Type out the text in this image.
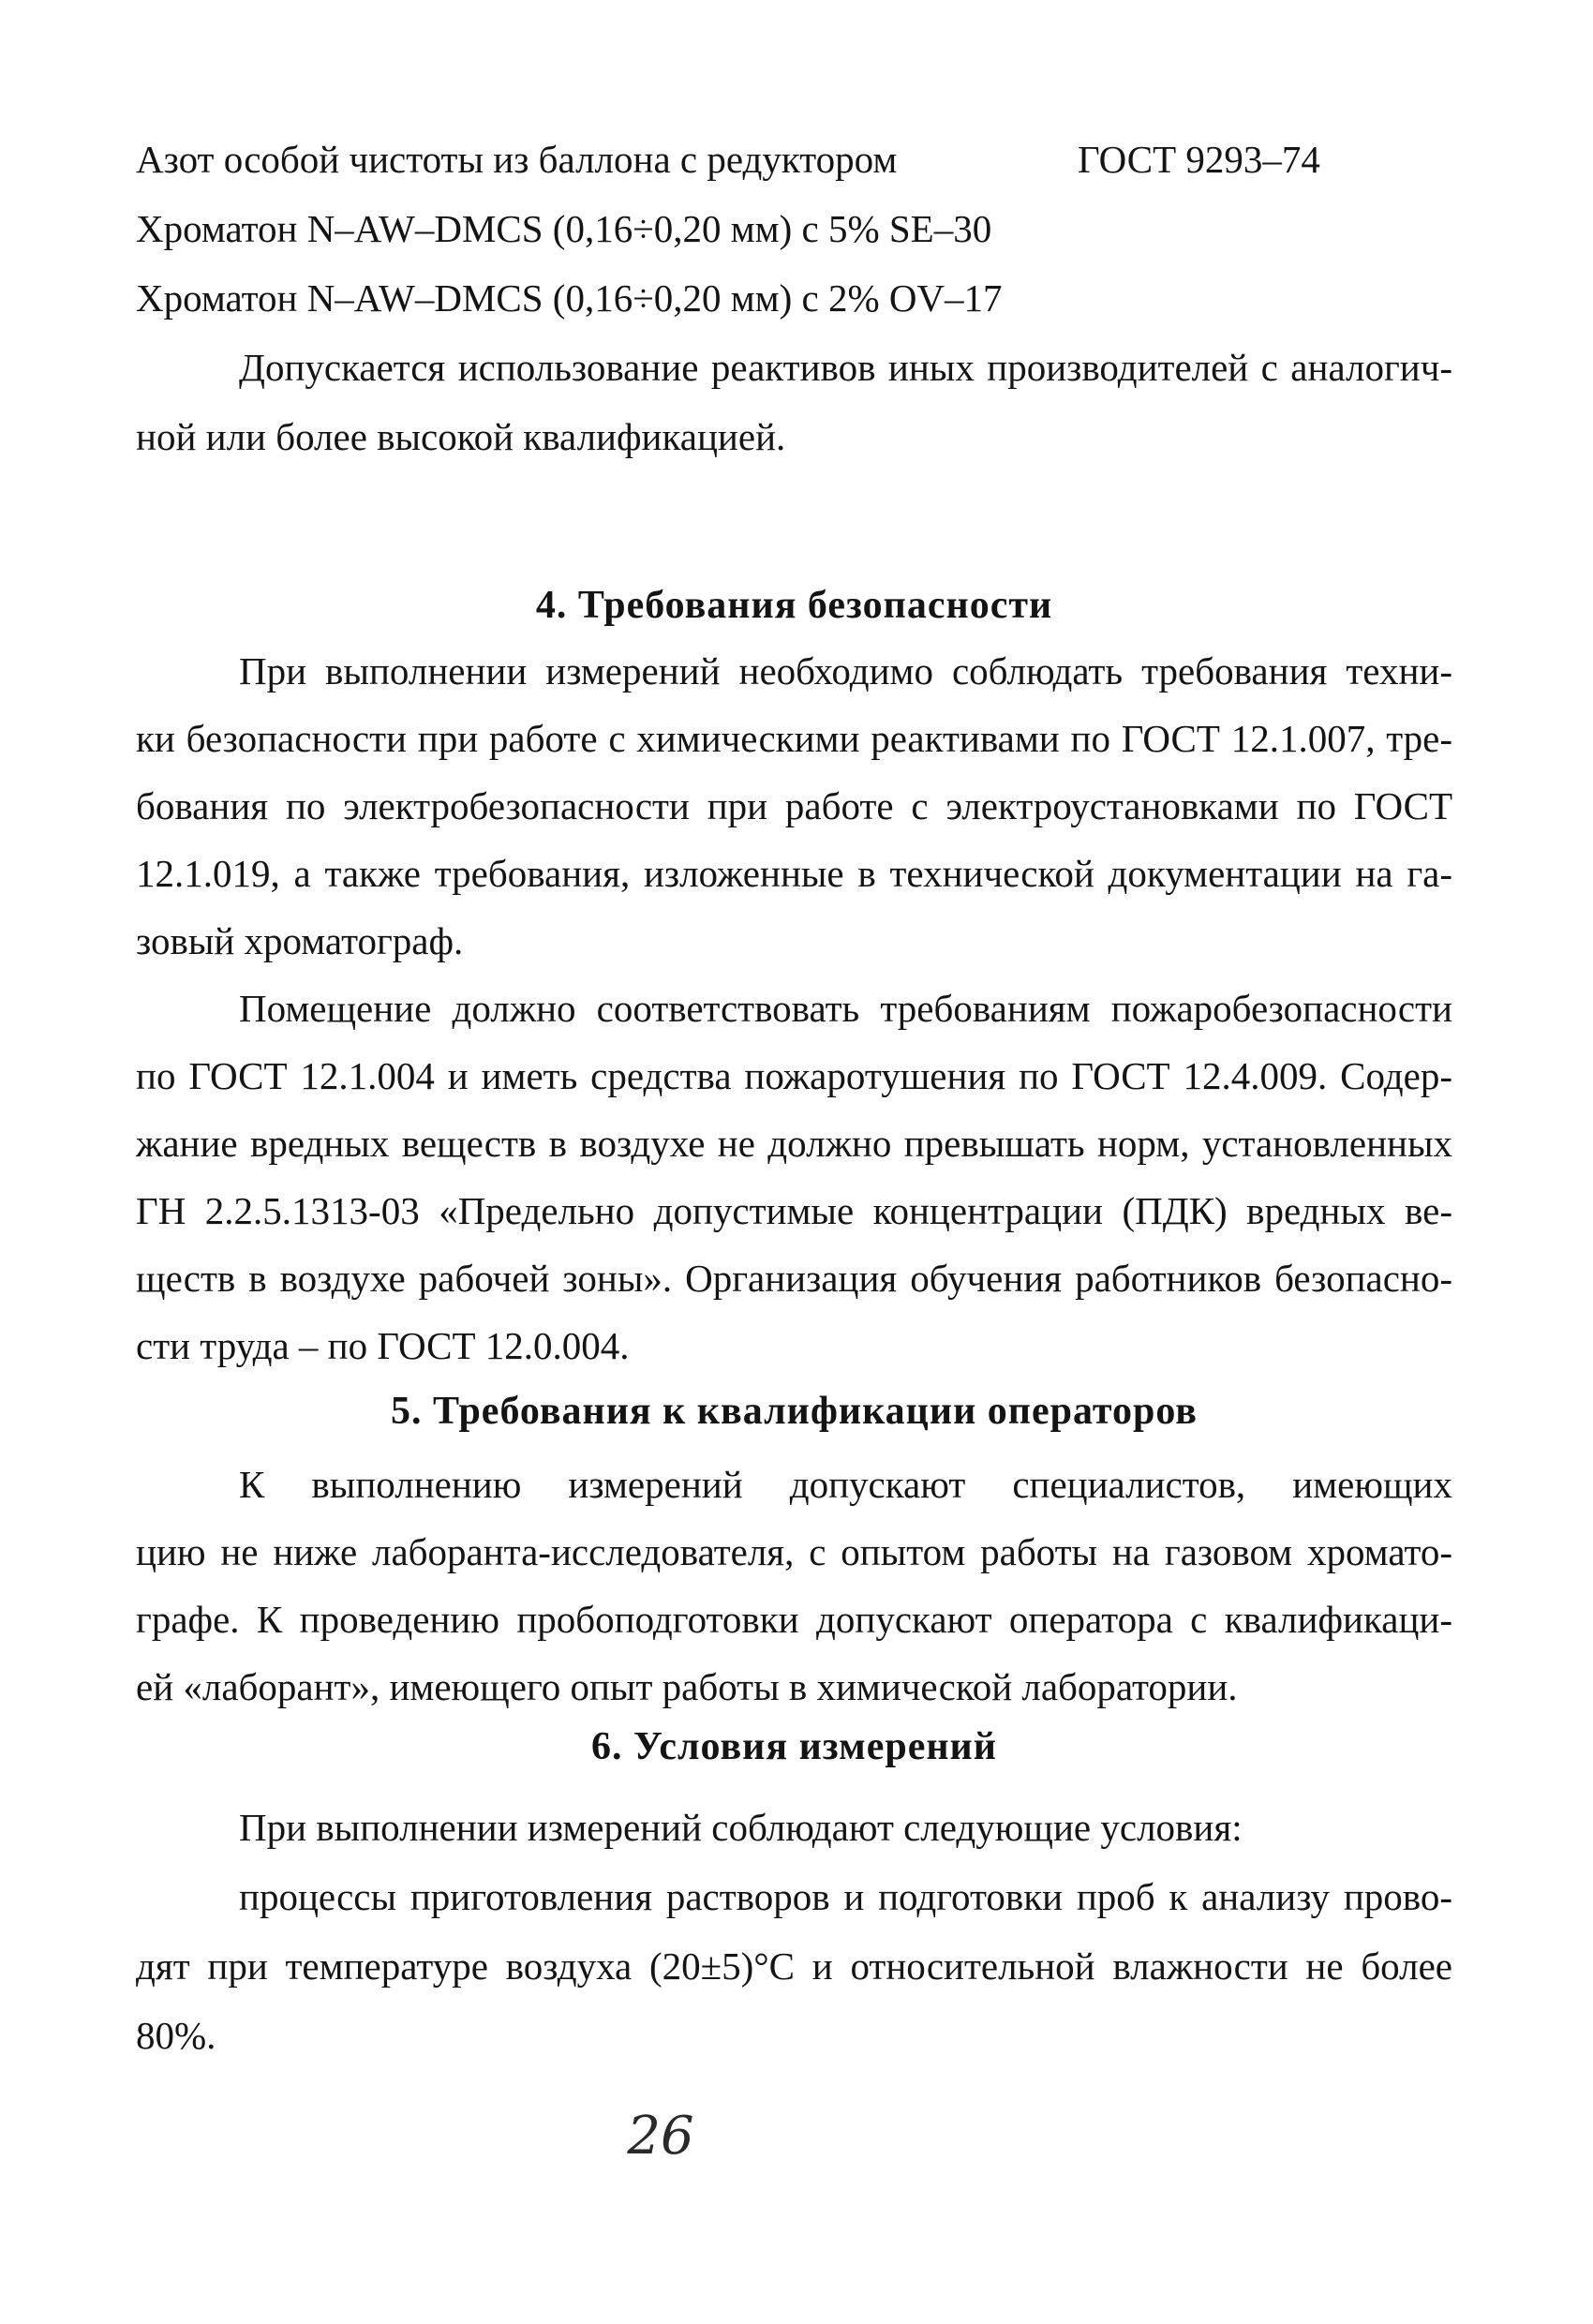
Азот особой чистоты из баллона с редуктором	ГОСТ 9293–74
Хроматон N–AW–DMCS (0,16÷0,20 мм) с 5% SE–30
Хроматон N–AW–DMCS (0,16÷0,20 мм) с 2% OV–17
Допускается использование реактивов иных производителей с аналогич-
ной или более высокой квалификацией.
4. Требования безопасности
При выполнении измерений необходимо соблюдать требования техни-
ки безопасности при работе с химическими реактивами по ГОСТ 12.1.007, тре-
бования по электробезопасности при работе с электроустановками по ГОСТ
12.1.019, а также требования, изложенные в технической документации на га-
зовый хроматограф.
Помещение должно соответствовать требованиям пожаробезопасности
по ГОСТ 12.1.004 и иметь средства пожаротушения по ГОСТ 12.4.009. Содер-
жание вредных веществ в воздухе не должно превышать норм, установленных
ГН 2.2.5.1313-03 «Предельно допустимые концентрации (ПДК) вредных ве-
ществ в воздухе рабочей зоны». Организация обучения работников безопасно-
сти труда – по ГОСТ 12.0.004.
5. Требования к квалификации операторов
К выполнению измерений допускают специалистов, имеющих
цию не ниже лаборанта-исследователя, с опытом работы на газовом хромато-
графе. К проведению пробоподготовки допускают оператора с квалификаци-
ей «лаборант», имеющего опыт работы в химической лаборатории.
6. Условия измерений
При выполнении измерений соблюдают следующие условия:
процессы приготовления растворов и подготовки проб к анализу прово-
дят при температуре воздуха (20±5)°С и относительной влажности не более
80%.
26
